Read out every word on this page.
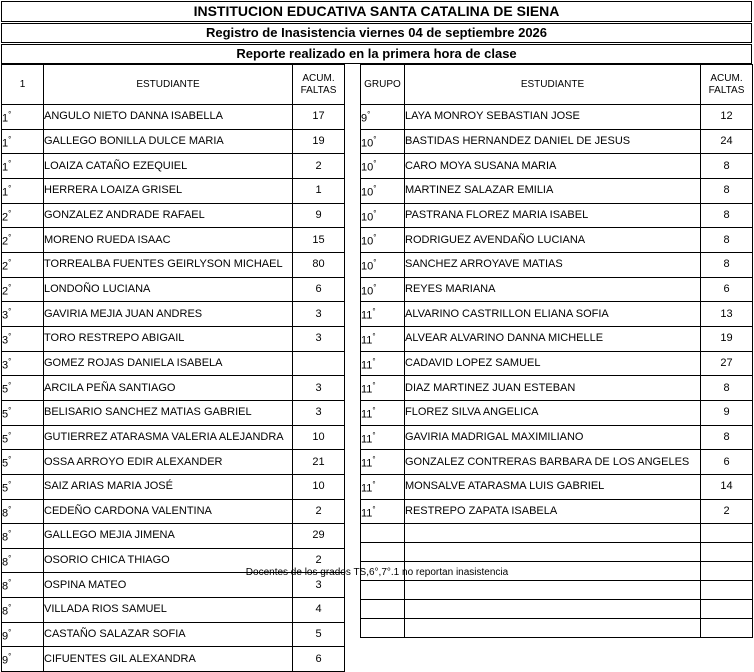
INSTITUCION EDUCATIVA SANTA CATALINA DE SIENA
Registro de Inasistencia viernes 04 de septiembre 2026
Reporte realizado en la primera hora de clase
1	ESTUDIANTE	ACUM. FALTAS
1°	ANGULO NIETO DANNA ISABELLA	17
1°	GALLEGO BONILLA DULCE MARIA	19
1°	LOAIZA CATAÑO EZEQUIEL	2
1°	HERRERA LOAIZA GRISEL	1
2°	GONZALEZ ANDRADE RAFAEL	9
2°	MORENO RUEDA ISAAC	15
2°	TORREALBA FUENTES GEIRLYSON MICHAEL	80
2°	LONDOÑO LUCIANA	6
3°	GAVIRIA MEJIA JUAN ANDRES	3
3°	TORO RESTREPO ABIGAIL	3
3°	GOMEZ ROJAS DANIELA ISABELA	
5°	ARCILA PEÑA SANTIAGO	3
5°	BELISARIO SANCHEZ MATIAS GABRIEL	3
5°	GUTIERREZ ATARASMA VALERIA ALEJANDRA	10
5°	OSSA ARROYO EDIR ALEXANDER	21
5°	SAIZ ARIAS MARIA JOSÉ	10
8°	CEDEÑO CARDONA VALENTINA	2
8°	GALLEGO MEJIA JIMENA	29
8°	OSORIO CHICA THIAGO	2
8°	OSPINA MATEO	3
8°	VILLADA RIOS SAMUEL	4
9°	CASTAÑO SALAZAR SOFIA	5
9°	CIFUENTES GIL ALEXANDRA	6
GRUPO	ESTUDIANTE	ACUM. FALTAS
9°	LAYA MONROY SEBASTIAN JOSE	12
10°	BASTIDAS HERNANDEZ DANIEL DE JESUS	24
10°	CARO MOYA SUSANA MARIA	8
10°	MARTINEZ SALAZAR EMILIA	8
10°	PASTRANA FLOREZ MARIA ISABEL	8
10°	RODRIGUEZ AVENDAÑO LUCIANA	8
10°	SANCHEZ ARROYAVE MATIAS	8
10°	REYES MARIANA	6
11°	ALVARINO CASTRILLON ELIANA SOFIA	13
11°	ALVEAR ALVARINO DANNA MICHELLE	19
11°	CADAVID LOPEZ SAMUEL	27
11°	DIAZ MARTINEZ JUAN ESTEBAN	8
11°	FLOREZ SILVA ANGELICA	9
11°	GAVIRIA MADRIGAL MAXIMILIANO	8
11°	GONZALEZ CONTRERAS BARBARA DE LOS ANGELES	6
11°	MONSALVE ATARASMA LUIS GABRIEL	14
11°	RESTREPO ZAPATA ISABELA	2

Docentes de los grados TS,6°,7°.1 no reportan inasistencia
